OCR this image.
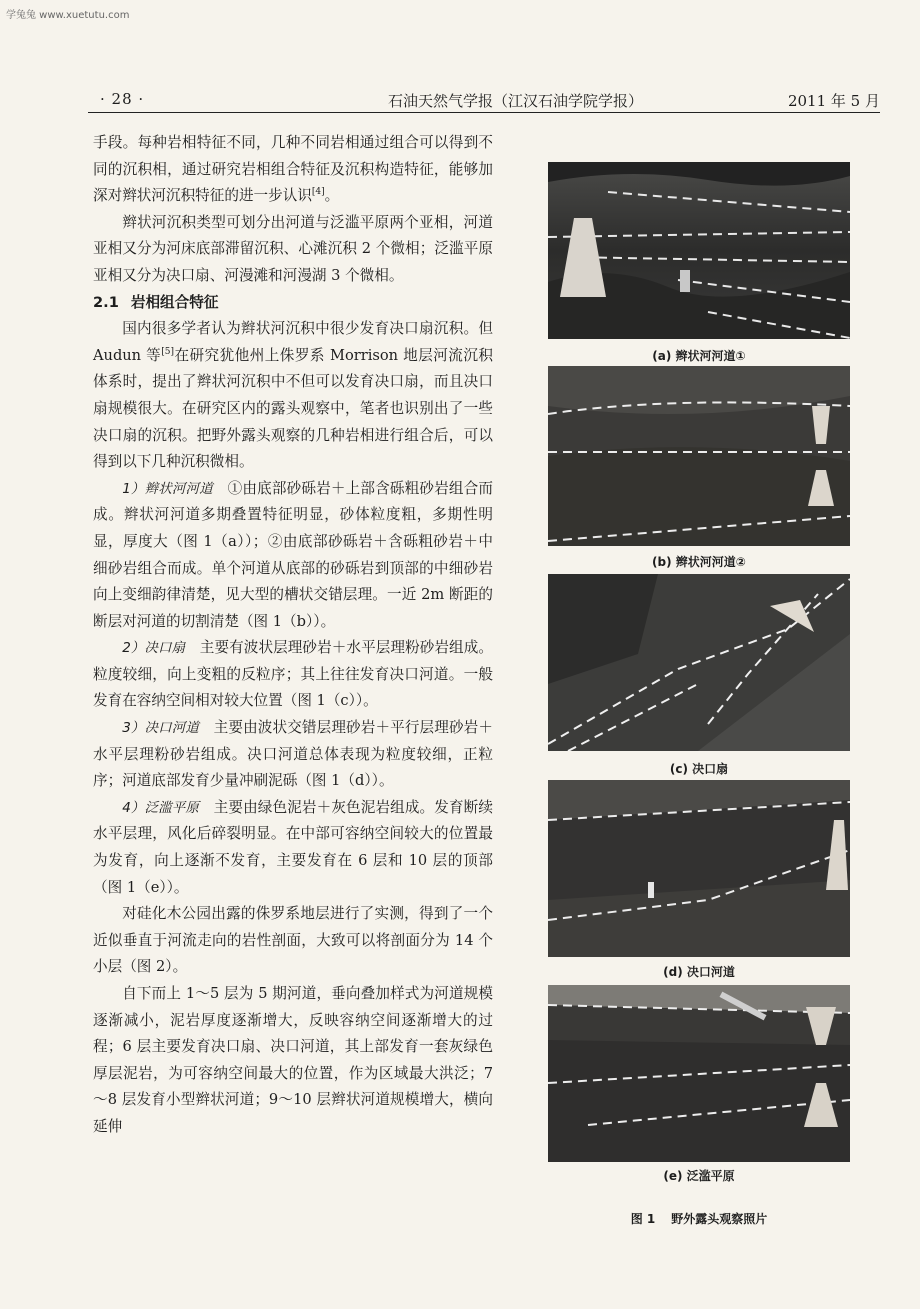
学兔兔 www.xuetutu.com
· 28 ·	石油天然气学报（江汉石油学院学报）	2011 年 5 月

手段。每种岩相特征不同，几种不同岩相通过组合可以得到不同的沉积相，通过研究岩相组合特征及沉积构造特征，能够加深对辫状河沉积特征的进一步认识[4]。

辫状河沉积类型可划分出河道与泛滥平原两个亚相，河道亚相又分为河床底部滞留沉积、心滩沉积 2 个微相；泛滥平原亚相又分为决口扇、河漫滩和河漫湖 3 个微相。

2.1 岩相组合特征

国内很多学者认为辫状河沉积中很少发育决口扇沉积。但 Audun 等[5]在研究犹他州上侏罗系 Morrison 地层河流沉积体系时，提出了辫状河沉积中不但可以发育决口扇，而且决口扇规模很大。在研究区内的露头观察中，笔者也识别出了一些决口扇的沉积。把野外露头观察的几种岩相进行组合后，可以得到以下几种沉积微相。

1）辫状河河道　 ①由底部砂砾岩＋上部含砾粗砂岩组合而成。辫状河河道多期叠置特征明显，砂体粒度粗，多期性明显，厚度大（图 1（a））；②由底部砂砾岩＋含砾粗砂岩＋中细砂岩组合而成。单个河道从底部的砂砾岩到顶部的中细砂岩向上变细韵律清楚，见大型的槽状交错层理。一近 2m 断距的断层对河道的切割清楚（图 1（b））。

2）决口扇　 主要有波状层理砂岩＋水平层理粉砂岩组成。粒度较细，向上变粗的反粒序；其上往往发育决口河道。一般发育在容纳空间相对较大位置（图 1（c））。

3）决口河道　 主要由波状交错层理砂岩＋平行层理砂岩＋水平层理粉砂岩组成。决口河道总体表现为粒度较细，正粒序；河道底部发育少量冲刷泥砾（图 1（d））。

4）泛滥平原　 主要由绿色泥岩＋灰色泥岩组成。发育断续水平层理，风化后碎裂明显。在中部可容纳空间较大的位置最为发育，向上逐渐不发育，主要发育在 6 层和 10 层的顶部（图 1（e））。

对硅化木公园出露的侏罗系地层进行了实测，得到了一个近似垂直于河流走向的岩性剖面，大致可以将剖面分为 14 个小层（图 2）。

自下而上 1～5 层为 5 期河道，垂向叠加样式为河道规模逐渐减小，泥岩厚度逐渐增大，反映容纳空间逐渐增大的过程；6 层主要发育决口扇、决口河道，其上部发育一套灰绿色厚层泥岩，为可容纳空间最大的位置，作为区域最大洪泛；7～8 层发育小型辫状河道；9～10 层辫状河道规模增大，横向延伸

(a) 辫状河河道①
(b) 辫状河河道②
(c) 决口扇
(d) 决口河道
(e) 泛滥平原
图 1 野外露头观察照片
